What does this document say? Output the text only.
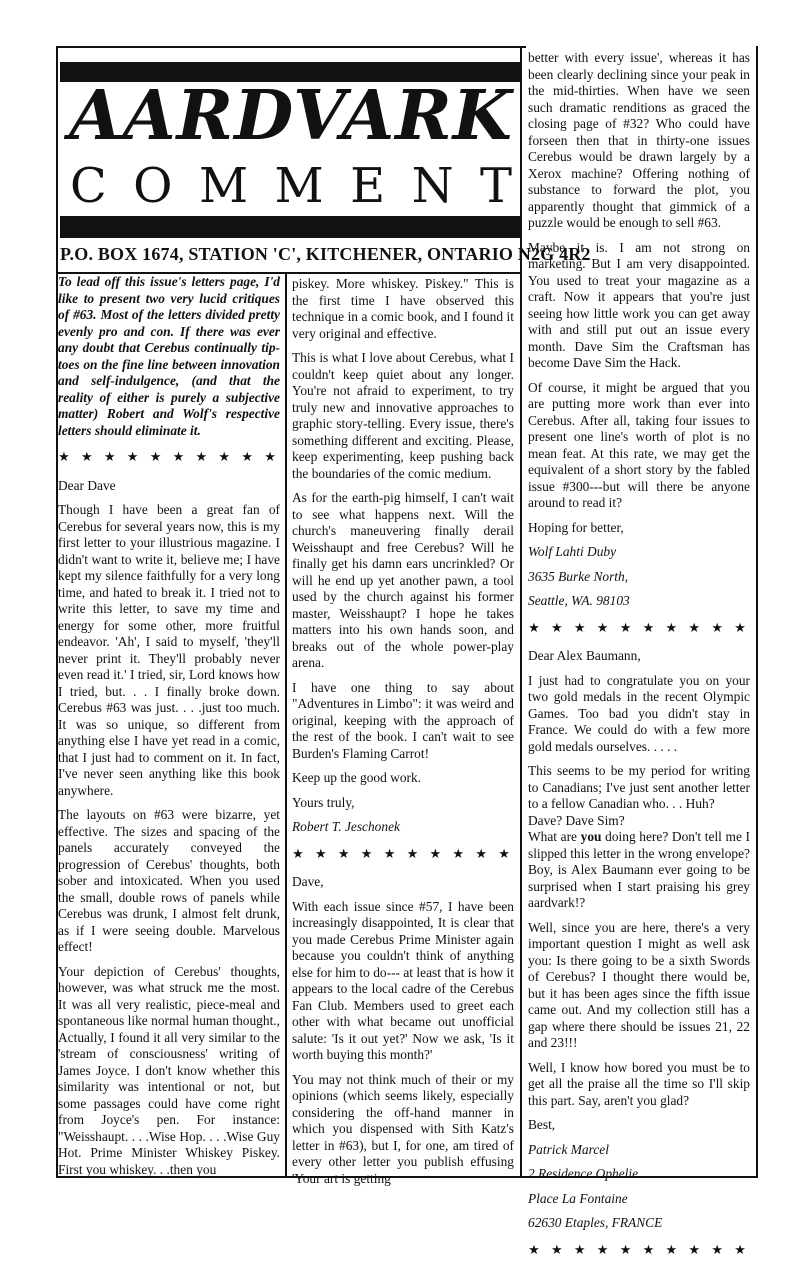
AARDVARK
C O M M E N T
P.O. BOX 1674, STATION 'C', KITCHENER, ONTARIO N2G 4R2

To lead off this issue's letters page, I'd like to present two very lucid critiques of #63. Most of the letters divided pretty evenly pro and con. If there was ever any doubt that Cerebus continually tip-toes on the fine line between innovation and self-indulgence, (and that the reality of either is purely a subjective matter) Robert and Wolf's respective letters should eliminate it.

★ ★ ★ ★ ★ ★ ★ ★ ★ ★

Dear Dave

Though I have been a great fan of Cerebus for several years now, this is my first letter to your illustrious magazine. I didn't want to write it, believe me; I have kept my silence faithfully for a very long time, and hated to break it. I tried not to write this letter, to save my time and energy for some other, more fruitful endeavor. 'Ah', I said to myself, 'they'll never print it. They'll probably never even read it.' I tried, sir, Lord knows how I tried, but. . . I finally broke down. Cerebus #63 was just. . . .just too much. It was so unique, so different from anything else I have yet read in a comic, that I just had to comment on it. In fact, I've never seen anything like this book anywhere.

The layouts on #63 were bizarre, yet effective. The sizes and spacing of the panels accurately conveyed the progression of Cerebus' thoughts, both sober and intoxicated. When you used the small, double rows of panels while Cerebus was drunk, I almost felt drunk, as if I were seeing double. Marvelous effect!

Your depiction of Cerebus' thoughts, however, was what struck me the most. It was all very realistic, piece-meal and spontaneous like normal human thought., Actually, I found it all very similar to the 'stream of consciousness' writing of James Joyce. I don't know whether this similarity was intentional or not, but some passages could have come right from Joyce's pen. For instance: "Weisshaupt. . . .Wise Hop. . . .Wise Guy Hot. Prime Minister Whiskey Piskey. First you whiskey. . .then you

piskey. More whiskey. Piskey." This is the first time I have observed this technique in a comic book, and I found it very original and effective.

This is what I love about Cerebus, what I couldn't keep quiet about any longer. You're not afraid to experiment, to try truly new and innovative approaches to graphic story-telling. Every issue, there's something different and exciting. Please, keep experimenting, keep pushing back the boundaries of the comic medium.

As for the earth-pig himself, I can't wait to see what happens next. Will the church's maneuvering finally derail Weisshaupt and free Cerebus? Will he finally get his damn ears uncrinkled? Or will he end up yet another pawn, a tool used by the church against his former master, Weisshaupt? I hope he takes matters into his own hands soon, and breaks out of the whole power-play arena.

I have one thing to say about "Adventures in Limbo": it was weird and original, keeping with the approach of the rest of the book. I can't wait to see Burden's Flaming Carrot!

Keep up the good work.

Yours truly,

Robert T. Jeschonek

★ ★ ★ ★ ★ ★ ★ ★ ★ ★

Dave,

With each issue since #57, I have been increasingly disappointed, It is clear that you made Cerebus Prime Minister again because you couldn't think of anything else for him to do--- at least that is how it appears to the local cadre of the Cerebus Fan Club. Members used to greet each other with what became out unofficial salute: 'Is it out yet?' Now we ask, 'Is it worth buying this month?'

You may not think much of their or my opinions (which seems likely, especially considering the off-hand manner in which you dispensed with Sith Katz's letter in #63), but I, for one, am tired of every other letter you publish effusing 'Your art is getting

better with every issue', whereas it has been clearly declining since your peak in the mid-thirties. When have we seen such dramatic renditions as graced the closing page of #32? Who could have forseen then that in thirty-one issues Cerebus would be drawn largely by a Xerox machine? Offering nothing of substance to forward the plot, you apparently thought that gimmick of a puzzle would be enough to sell #63.

Maybe it is. I am not strong on marketing. But I am very disappointed. You used to treat your magazine as a craft. Now it appears that you're just seeing how little work you can get away with and still put out an issue every month. Dave Sim the Craftsman has become Dave Sim the Hack.

Of course, it might be argued that you are putting more work than ever into Cerebus. After all, taking four issues to present one line's worth of plot is no mean feat. At this rate, we may get the equivalent of a short story by the fabled issue #300---but will there be anyone around to read it?

Hoping for better,

Wolf Lahti Duby

3635 Burke North,

Seattle, WA. 98103

★ ★ ★ ★ ★ ★ ★ ★ ★ ★

Dear Alex Baumann,

I just had to congratulate you on your two gold medals in the recent Olympic Games. Too bad you didn't stay in France. We could do with a few more gold medals ourselves. . . . .

This seems to be my period for writing to Canadians; I've just sent another letter to a fellow Canadian who. . . Huh?

Dave? Dave Sim?

What are you doing here? Don't tell me I slipped this letter in the wrong envelope? Boy, is Alex Baumann ever going to be surprised when I start praising his grey aardvark!?

Well, since you are here, there's a very important question I might as well ask you: Is there going to be a sixth Swords of Cerebus? I thought there would be, but it has been ages since the fifth issue came out. And my collection still has a gap where there should be issues 21, 22 and 23!!!

Well, I know how bored you must be to get all the praise all the time so I'll skip this part. Say, aren't you glad?

Best,

Patrick Marcel

2 Residence Ophelie

Place La Fontaine

62630 Etaples, FRANCE

★ ★ ★ ★ ★ ★ ★ ★ ★ ★
